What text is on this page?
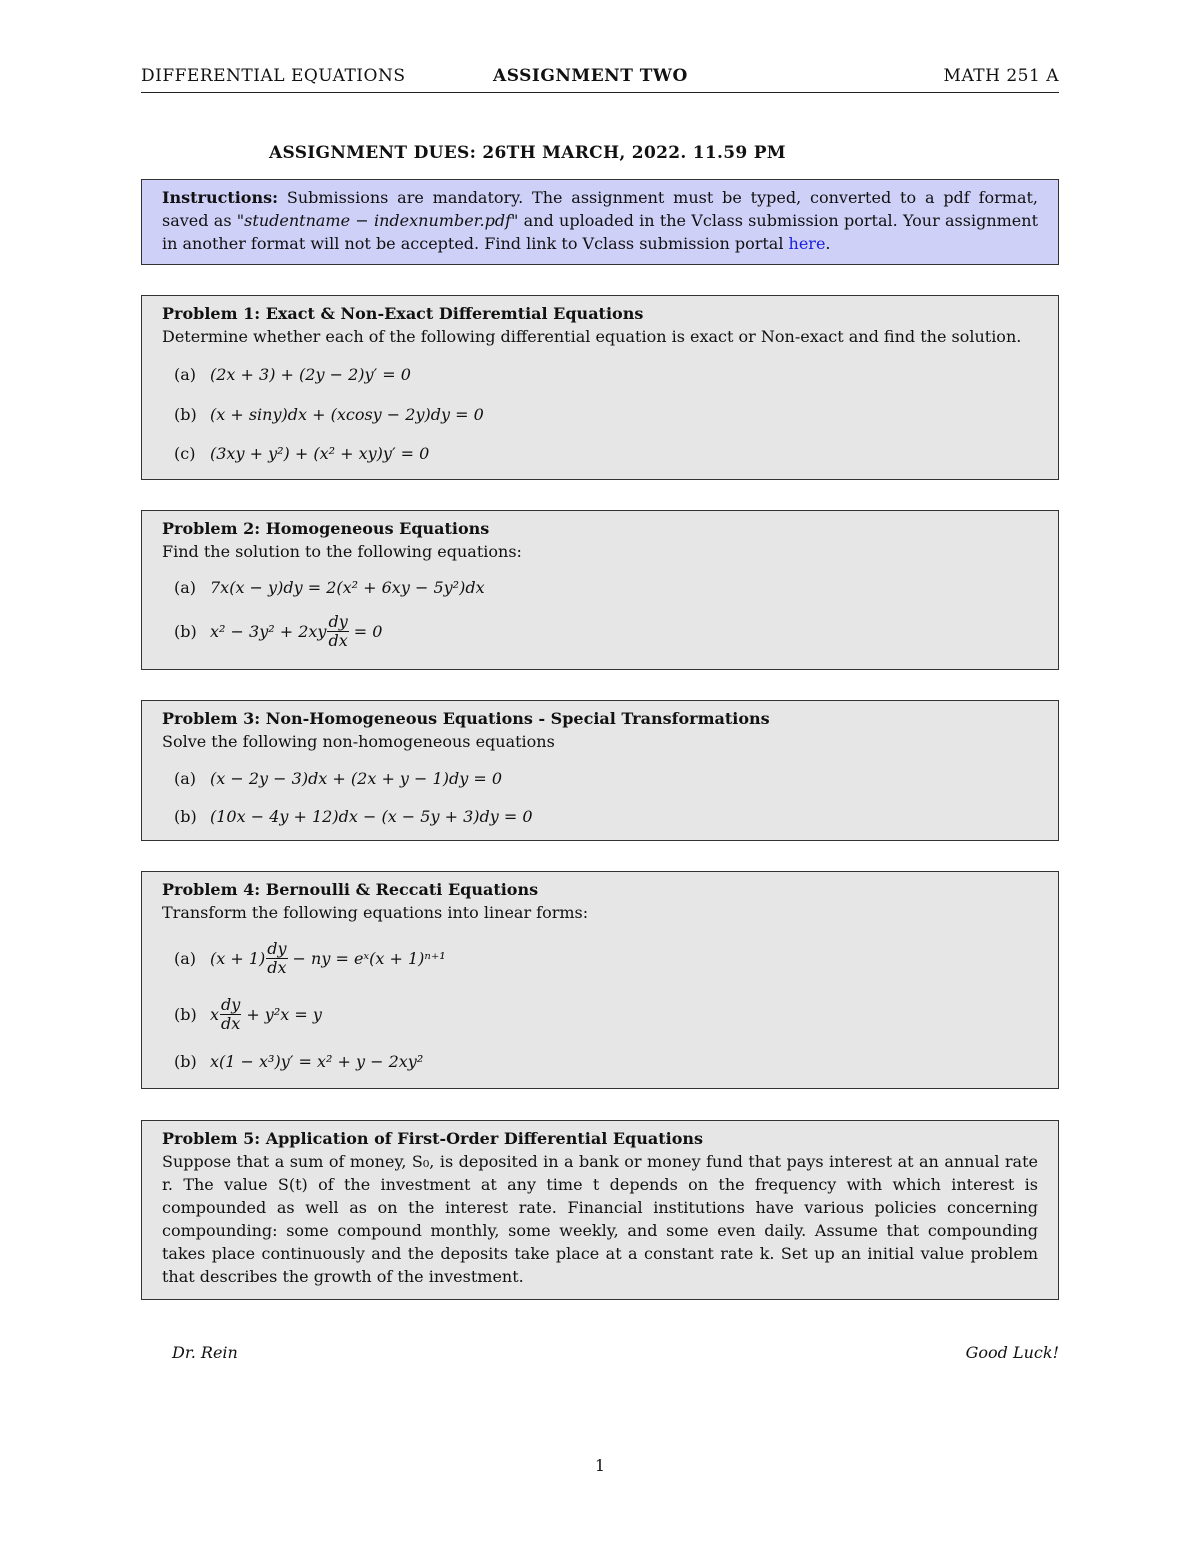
DIFFERENTIAL EQUATIONS	ASSIGNMENT TWO	MATH 251 A
ASSIGNMENT DUES: 26TH MARCH, 2022. 11.59 PM
Instructions: Submissions are mandatory. The assignment must be typed, converted to a pdf format, saved as "studentname − indexnumber.pdf" and uploaded in the Vclass submission portal. Your assignment in another format will not be accepted. Find link to Vclass submission portal here.
Problem 1: Exact & Non-Exact Differemtial Equations
Determine whether each of the following differential equation is exact or Non-exact and find the solution.
(a) (2x + 3) + (2y − 2)y′ = 0
(b) (x + siny)dx + (xcosy − 2y)dy = 0
(c) (3xy + y²) + (x² + xy)y′ = 0
Problem 2: Homogeneous Equations
Find the solution to the following equations:
(a) 7x(x − y)dy = 2(x² + 6xy − 5y²)dx
(b) $x^2 - 3y^2 + 2xy \frac{dy}{dx} = 0$
Problem 3: Non-Homogeneous Equations - Special Transformations
Solve the following non-homogeneous equations
(a) (x − 2y − 3)dx + (2x + y − 1)dy = 0
(b) (10x − 4y + 12)dx − (x − 5y + 3)dy = 0
Problem 4: Bernoulli & Reccati Equations
Transform the following equations into linear forms:
(a) $(x + 1) \frac{dy}{dx}$ − ny = eˣ(x + 1)ⁿ⁺¹
(b) x $\frac{dy}{dx} + y^2x = y$
(b) x(1 − x³)y′ = x² + y − 2xy²
Problem 5: Application of First-Order Differential Equations
Suppose that a sum of money, S₀, is deposited in a bank or money fund that pays interest at an annual rate r. The value S(t) of the investment at any time t depends on the frequency with which interest is compounded as well as on the interest rate. Financial institutions have various policies concerning compounding: some compound monthly, some weekly, and some even daily. Assume that compounding takes place continuously and the deposits take place at a constant rate k. Set up an initial value problem that describes the growth of the investment.
Dr. Rein	Good Luck!
1
